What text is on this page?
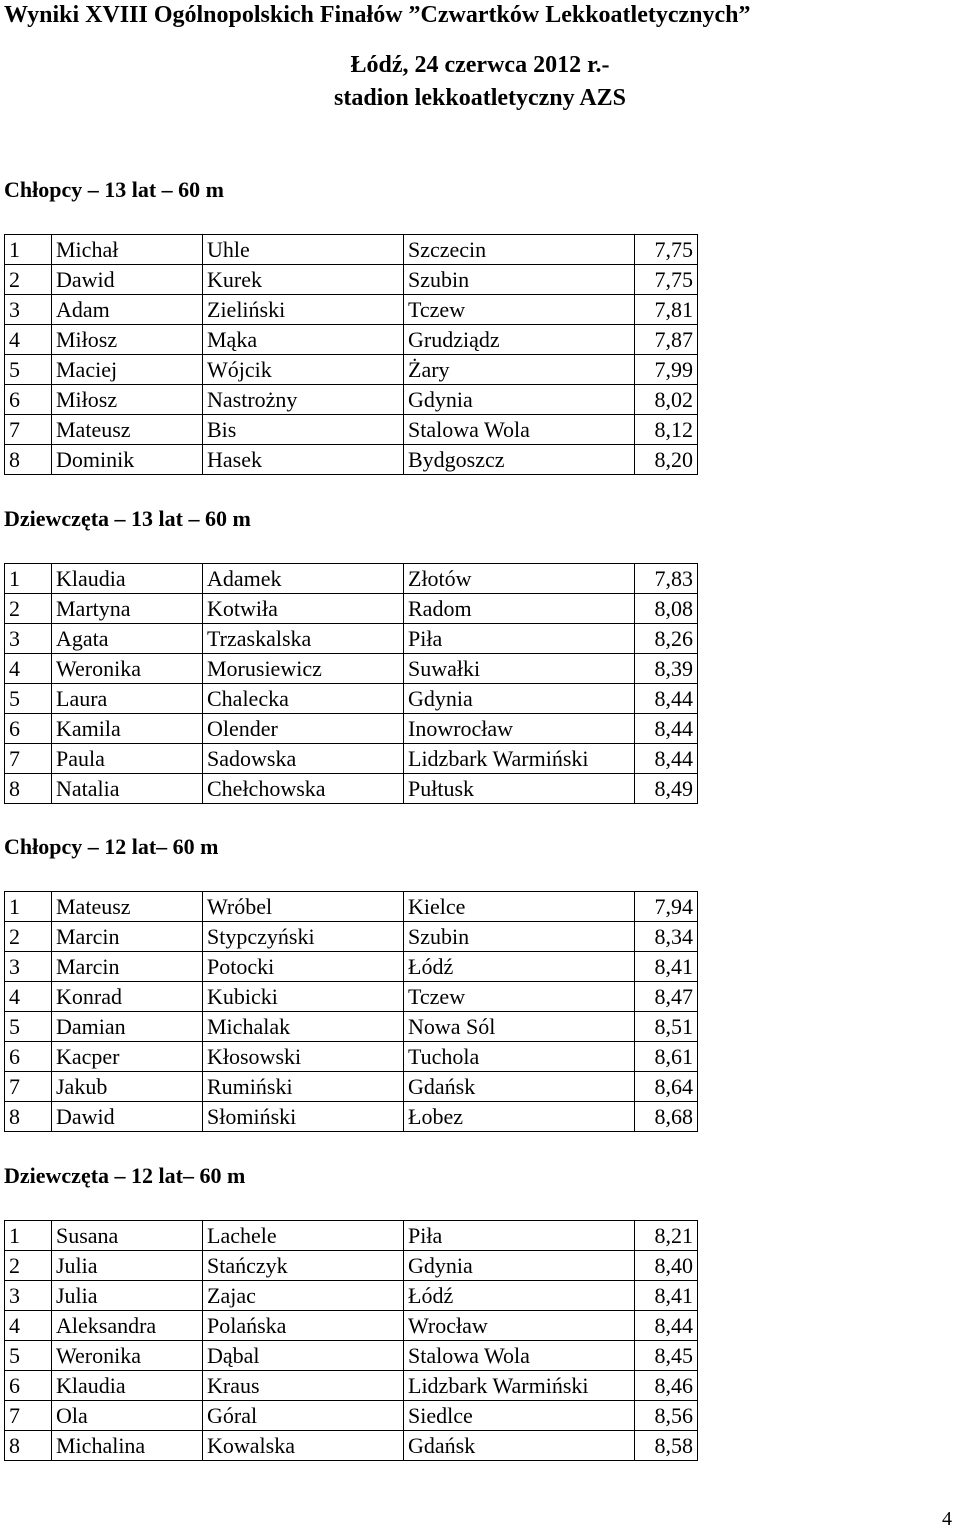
Wyniki XVIII Ogólnopolskich Finałów ”Czwartków Lekkoatletycznych”
Łódź, 24 czerwca 2012 r.-
stadion lekkoatletyczny AZS
Chłopcy – 13 lat – 60 m
1	Michał	Uhle	Szczecin	7,75
2	Dawid	Kurek	Szubin	7,75
3	Adam	Zieliński	Tczew	7,81
4	Miłosz	Mąka	Grudziądz	7,87
5	Maciej	Wójcik	Żary	7,99
6	Miłosz	Nastrożny	Gdynia	8,02
7	Mateusz	Bis	Stalowa Wola	8,12
8	Dominik	Hasek	Bydgoszcz	8,20
Dziewczęta – 13 lat – 60 m
1	Klaudia	Adamek	Złotów	7,83
2	Martyna	Kotwiła	Radom	8,08
3	Agata	Trzaskalska	Piła	8,26
4	Weronika	Morusiewicz	Suwałki	8,39
5	Laura	Chalecka	Gdynia	8,44
6	Kamila	Olender	Inowrocław	8,44
7	Paula	Sadowska	Lidzbark Warmiński	8,44
8	Natalia	Chełchowska	Pułtusk	8,49
Chłopcy – 12 lat– 60 m
1	Mateusz	Wróbel	Kielce	7,94
2	Marcin	Stypczyński	Szubin	8,34
3	Marcin	Potocki	Łódź	8,41
4	Konrad	Kubicki	Tczew	8,47
5	Damian	Michalak	Nowa Sól	8,51
6	Kacper	Kłosowski	Tuchola	8,61
7	Jakub	Rumiński	Gdańsk	8,64
8	Dawid	Słomiński	Łobez	8,68
Dziewczęta – 12 lat– 60 m
1	Susana	Lachele	Piła	8,21
2	Julia	Stańczyk	Gdynia	8,40
3	Julia	Zajac	Łódź	8,41
4	Aleksandra	Polańska	Wrocław	8,44
5	Weronika	Dąbal	Stalowa Wola	8,45
6	Klaudia	Kraus	Lidzbark Warmiński	8,46
7	Ola	Góral	Siedlce	8,56
8	Michalina	Kowalska	Gdańsk	8,58
4
